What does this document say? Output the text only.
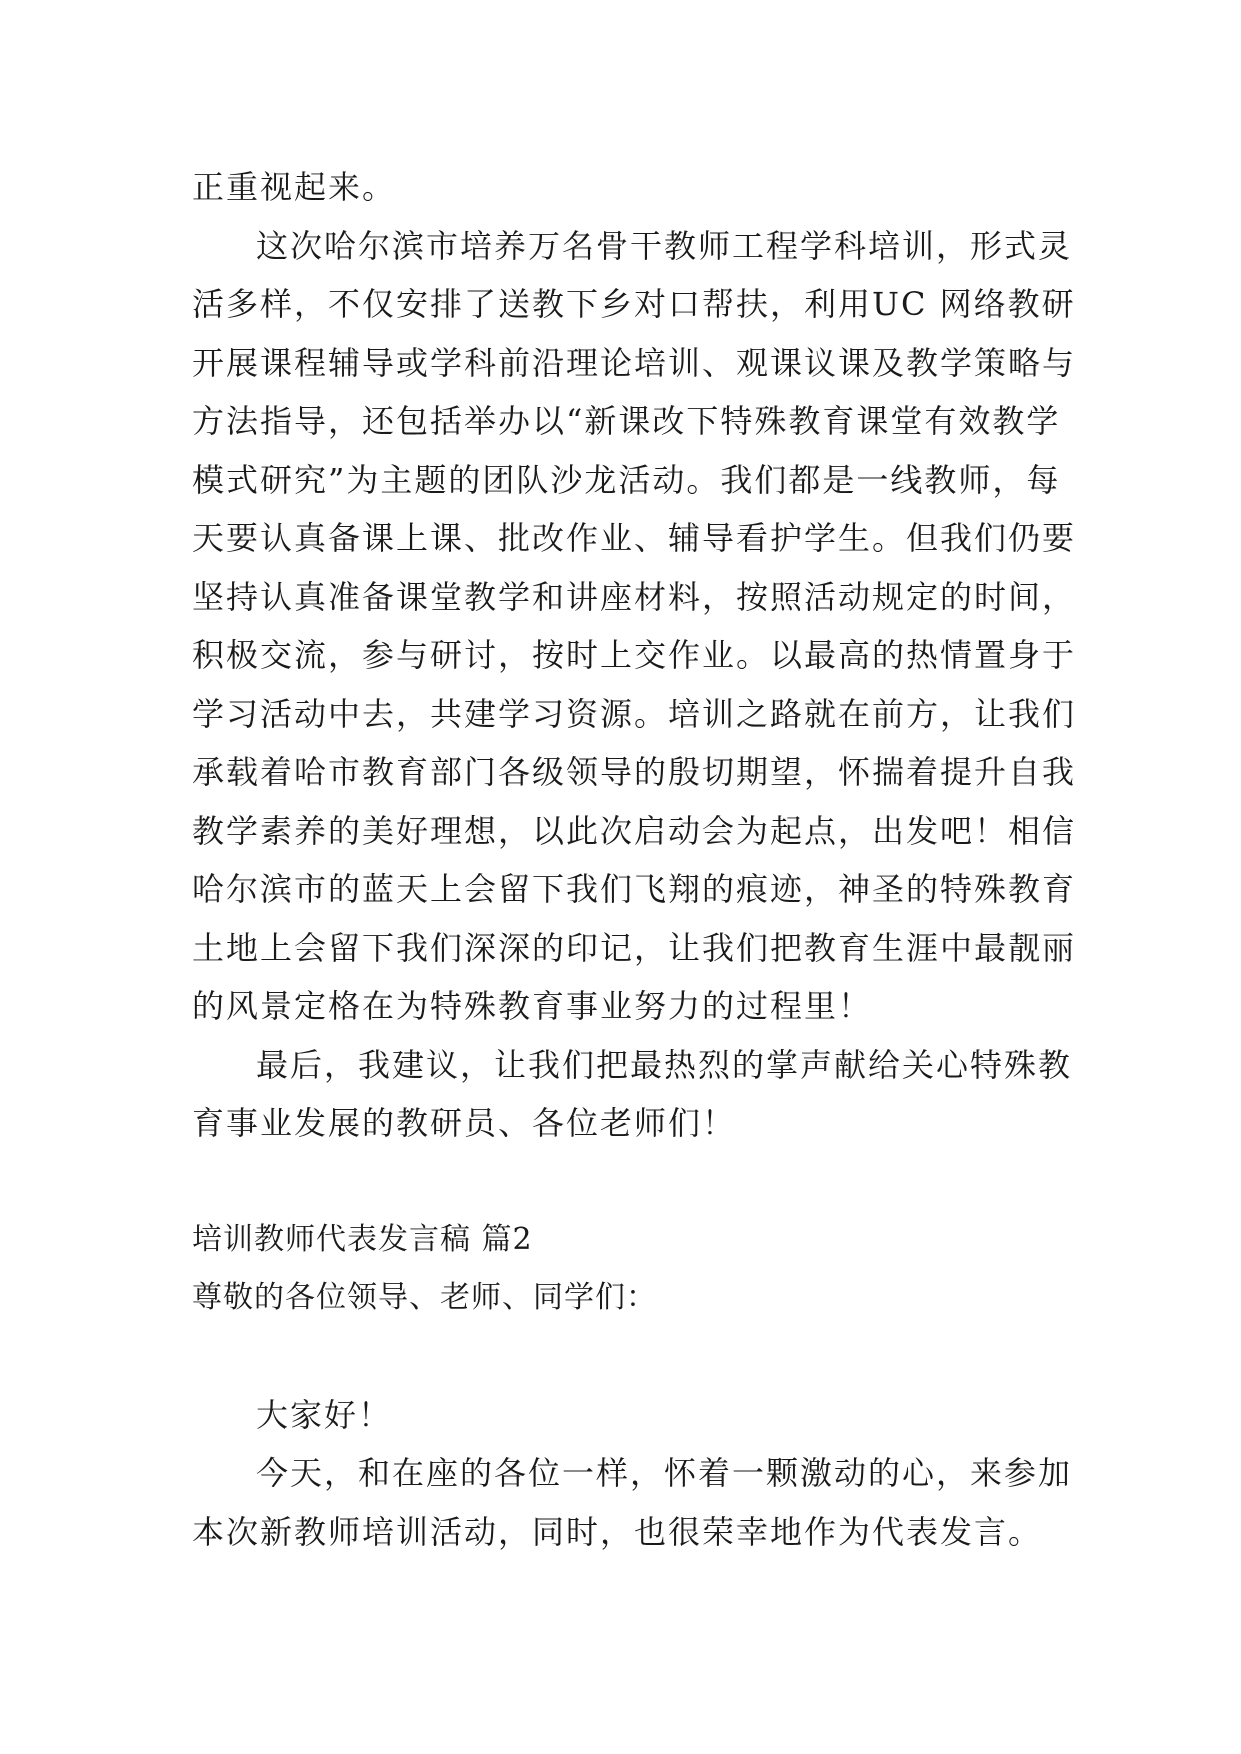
正重视起来。
这次哈尔滨市培养万名骨干教师工程学科培训，形式灵
活多样，不仅安排了送教下乡对口帮扶，利用UC 网络教研
开展课程辅导或学科前沿理论培训、观课议课及教学策略与
方法指导，还包括举办以“新课改下特殊教育课堂有效教学
模式研究”为主题的团队沙龙活动。我们都是一线教师，每
天要认真备课上课、批改作业、辅导看护学生。但我们仍要
坚持认真准备课堂教学和讲座材料，按照活动规定的时间，
积极交流，参与研讨，按时上交作业。以最高的热情置身于
学习活动中去，共建学习资源。培训之路就在前方，让我们
承载着哈市教育部门各级领导的殷切期望，怀揣着提升自我
教学素养的美好理想，以此次启动会为起点，出发吧！相信
哈尔滨市的蓝天上会留下我们飞翔的痕迹，神圣的特殊教育
土地上会留下我们深深的印记，让我们把教育生涯中最靓丽
的风景定格在为特殊教育事业努力的过程里！
最后，我建议，让我们把最热烈的掌声献给关心特殊教
育事业发展的教研员、各位老师们！
培训教师代表发言稿 篇2
尊敬的各位领导、老师、同学们：
大家好！
今天，和在座的各位一样，怀着一颗激动的心，来参加
本次新教师培训活动，同时，也很荣幸地作为代表发言。
